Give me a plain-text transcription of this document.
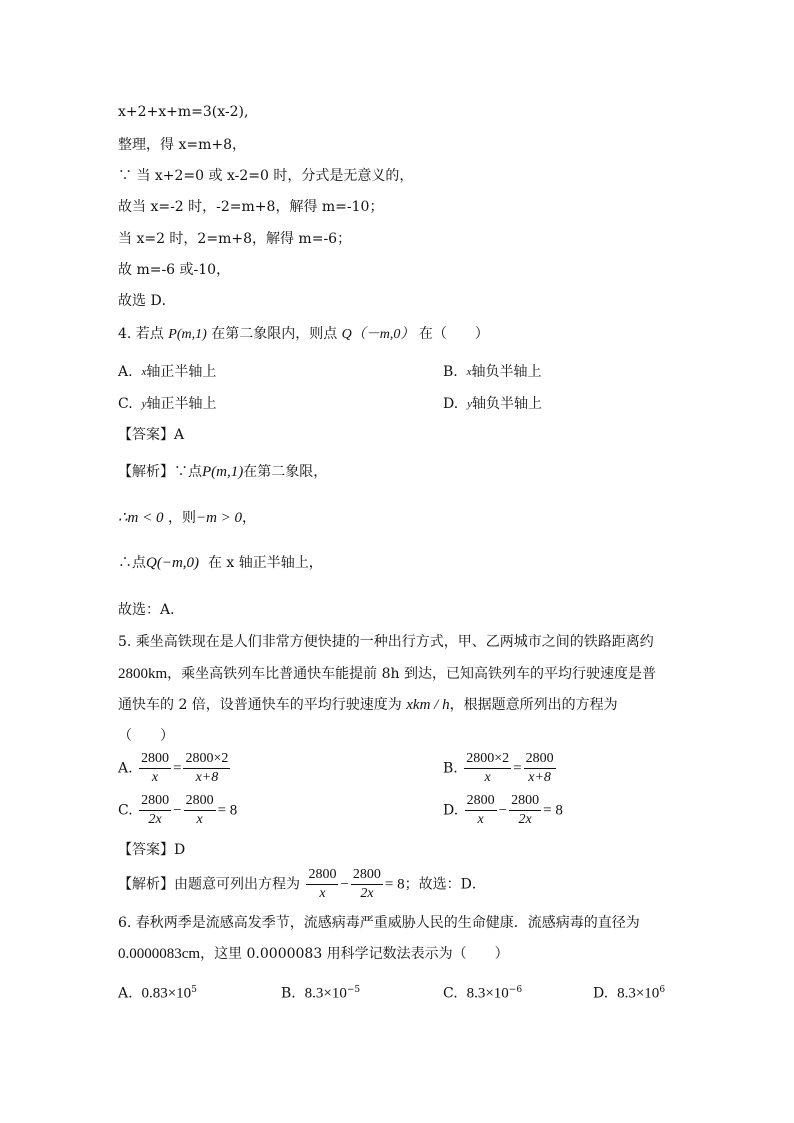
x+2+x+m=3(x-2),
整理，得 x=m+8，
∵ 当 x+2=0 或 x-2=0 时，分式是无意义的，
故当 x=-2 时，-2=m+8，解得 m=-10；
当 x=2 时，2=m+8，解得 m=-6；
故 m=-6 或-10，
故选 D．
4. 若点 P(m,1) 在第二象限内，则点 Q（－m,0） 在（　　）
A. $^x$轴正半轴上	B. $^x$轴负半轴上
C. $^y$轴正半轴上	D. $^y$轴负半轴上
【答案】A
【解析】∵点P(m,1)在第二象限，
∴m < 0 ，则−m > 0，
∴点Q(−m,0) 在 x 轴正半轴上，
故选：A．
5. 乘坐高铁现在是人们非常方便快捷的一种出行方式，甲、乙两城市之间的铁路距离约
2800km，乘坐高铁列车比普通快车能提前 8h 到达，已知高铁列车的平均行驶速度是普
通快车的 2 倍，设普通快车的平均行驶速度为 xkm / h，根据题意所列出的方程为
（　　）
A. $\frac{2800}{x} = \frac{2800\times 2}{x+8}$	B. $\frac{2800\times 2}{x} = \frac{2800}{x+8}$
C. $\frac{2800}{2x} - \frac{2800}{x} = 8$	D. $\frac{2800}{x} - \frac{2800}{2x} = 8$
【答案】D
【解析】由题意可列出方程为 $\frac{2800}{x} - \frac{2800}{2x} = 8$；故选：D．
6. 春秋两季是流感高发季节，流感病毒严重威胁人民的生命健康．流感病毒的直径为
0.0000083cm，这里 0.0000083 用科学记数法表示为（　　）
A. $0.83\times 10^5$	B. $8.3\times 10^{-5}$	C. $8.3\times 10^{-6}$	D. $8.3\times 10^6$
